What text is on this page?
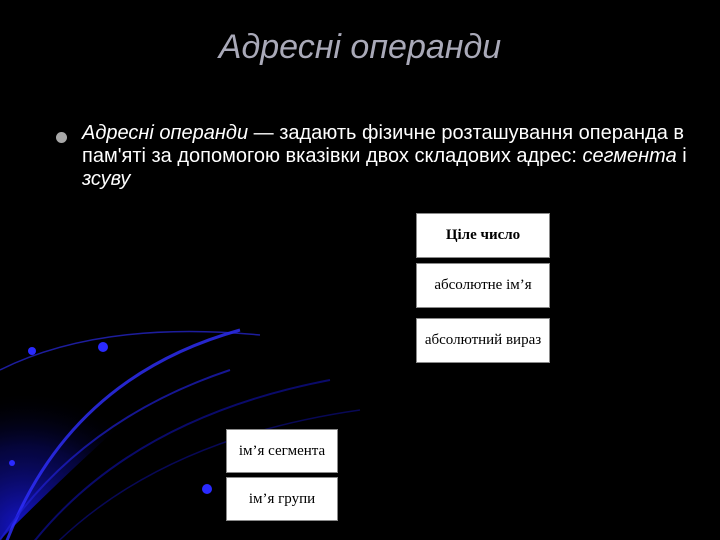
Адресні операнди
Адресні операнди — задають фізичне розташування операнда в пам'яті за допомогою вказівки двох складових адрес: сегмента і зсуву
Ціле число
абсолютне ім’я
абсолютний вираз
ім’я сегмента
ім’я групи
